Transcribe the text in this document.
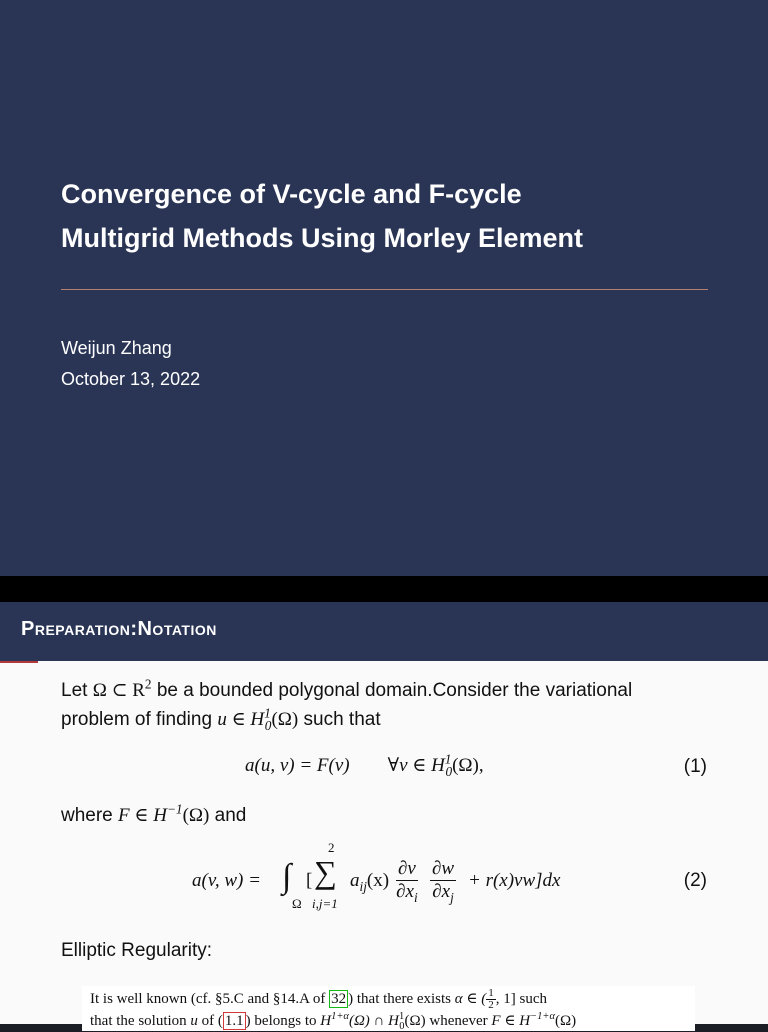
Convergence of V-cycle and F-cycle
Multigrid Methods Using Morley Element
Weijun Zhang
October 13, 2022
Preparation:Notation
Let Ω ⊂ $R^2$ be a bounded polygonal domain.Consider the variational
problem of finding u ∈ $H^1_0(\Omega)$ such that
a(u, v) = F(v) ∀v ∈ $H^1_0(\Omega)$,	(1)
where F ∈ $H^{-1}(\Omega)$ and
a(v, w) = ∫
Ω
[
2
∑
i,j=1
$a_{ij}(x) \frac{\partial v}{\partial x_i} \frac{\partial w}{\partial x_j} + r(x)vw]dx$	(2)
Elliptic Regularity:
It is well known (cf. §5.C and §14.A of 32 ) that there exists α ∈ ( $\frac{1}{2}$ , 1] such
that the solution u of ( 1.1 ) belongs to $H^{1+\alpha}(\Omega)$ ∩ $H^1_0(\Omega)$ whenever F ∈ $H^{-1+\alpha}(\Omega)$
